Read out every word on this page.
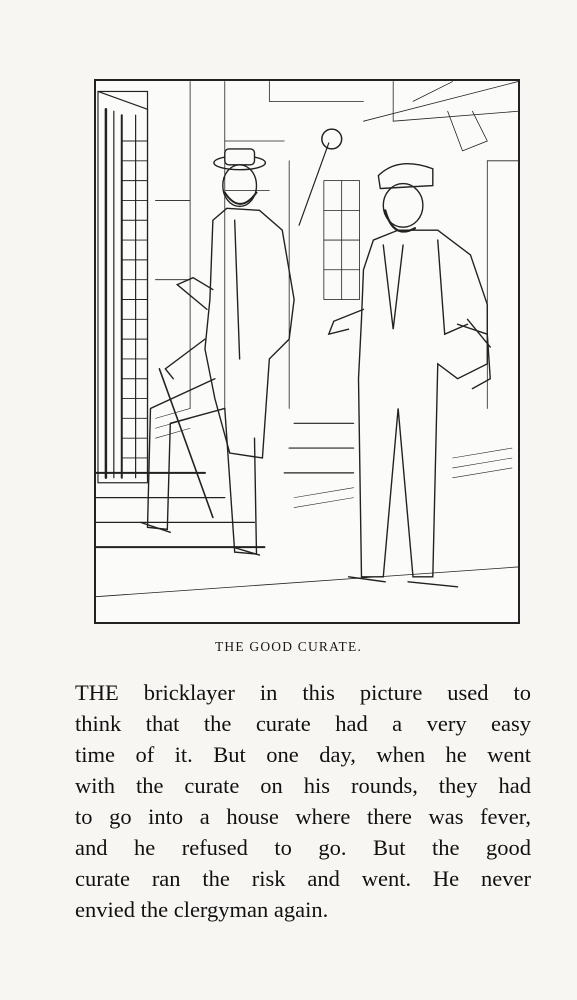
THE GOOD CURATE.
THE bricklayer in this picture used to
think that the curate had a very easy
time of it. But one day, when he went
with the curate on his rounds, they had
to go into a house where there was fever,
and he refused to go. But the good
curate ran the risk and went. He never
envied the clergyman again.
